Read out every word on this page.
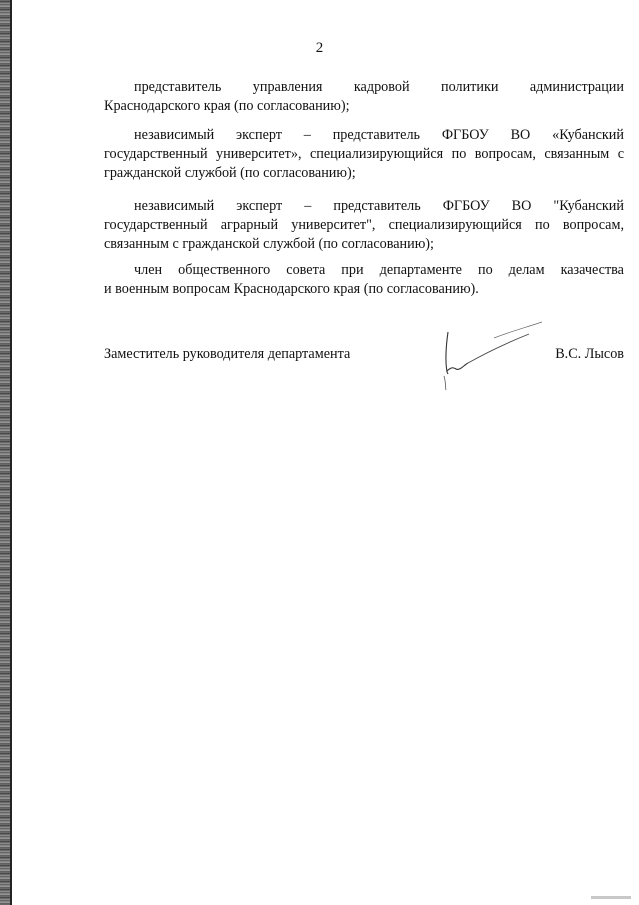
2
представитель управления кадровой политики администрации
Краснодарского края (по согласованию);
независимый эксперт – представитель ФГБОУ ВО «Кубанский
государственный университет», специализирующийся по вопросам, связанным с гражданской службой (по согласованию);
независимый эксперт – представитель ФГБОУ ВО "Кубанский
государственный аграрный университет", специализирующийся по вопросам, связанным с гражданской службой (по согласованию);
член общественного совета при департаменте по делам казачества
и военным вопросам Краснодарского края (по согласованию).
Заместитель руководителя департамента	В.С. Лысов
